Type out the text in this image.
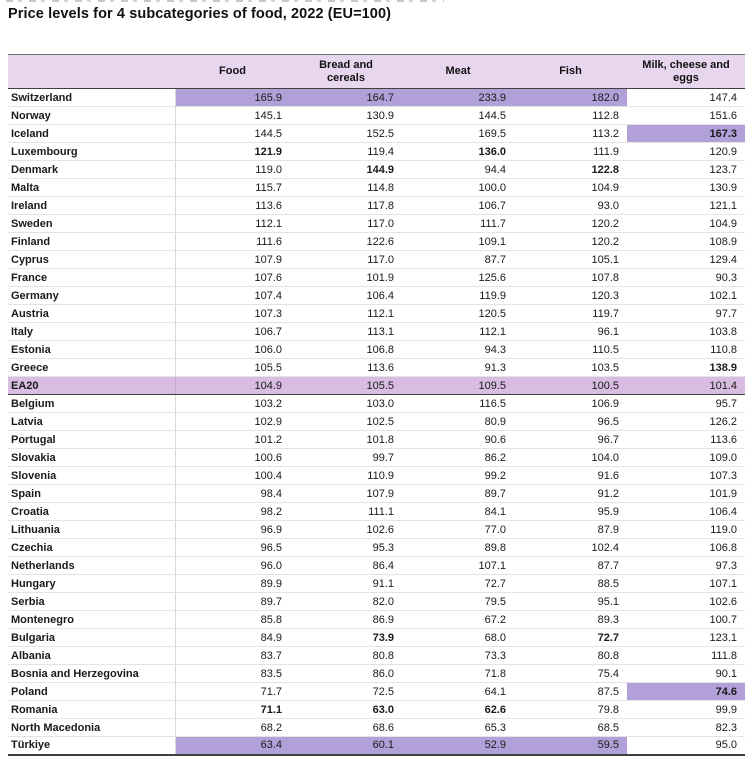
Price levels for 4 subcategories of food, 2022 (EU=100)
	Food	Bread and cereals	Meat	Fish	Milk, cheese and eggs
Switzerland	165.9	164.7	233.9	182.0	147.4
Norway	145.1	130.9	144.5	112.8	151.6
Iceland	144.5	152.5	169.5	113.2	167.3
Luxembourg	121.9	119.4	136.0	111.9	120.9
Denmark	119.0	144.9	94.4	122.8	123.7
Malta	115.7	114.8	100.0	104.9	130.9
Ireland	113.6	117.8	106.7	93.0	121.1
Sweden	112.1	117.0	111.7	120.2	104.9
Finland	111.6	122.6	109.1	120.2	108.9
Cyprus	107.9	117.0	87.7	105.1	129.4
France	107.6	101.9	125.6	107.8	90.3
Germany	107.4	106.4	119.9	120.3	102.1
Austria	107.3	112.1	120.5	119.7	97.7
Italy	106.7	113.1	112.1	96.1	103.8
Estonia	106.0	106.8	94.3	110.5	110.8
Greece	105.5	113.6	91.3	103.5	138.9
EA20	104.9	105.5	109.5	100.5	101.4
Belgium	103.2	103.0	116.5	106.9	95.7
Latvia	102.9	102.5	80.9	96.5	126.2
Portugal	101.2	101.8	90.6	96.7	113.6
Slovakia	100.6	99.7	86.2	104.0	109.0
Slovenia	100.4	110.9	99.2	91.6	107.3
Spain	98.4	107.9	89.7	91.2	101.9
Croatia	98.2	111.1	84.1	95.9	106.4
Lithuania	96.9	102.6	77.0	87.9	119.0
Czechia	96.5	95.3	89.8	102.4	106.8
Netherlands	96.0	86.4	107.1	87.7	97.3
Hungary	89.9	91.1	72.7	88.5	107.1
Serbia	89.7	82.0	79.5	95.1	102.6
Montenegro	85.8	86.9	67.2	89.3	100.7
Bulgaria	84.9	73.9	68.0	72.7	123.1
Albania	83.7	80.8	73.3	80.8	111.8
Bosnia and Herzegovina	83.5	86.0	71.8	75.4	90.1
Poland	71.7	72.5	64.1	87.5	74.6
Romania	71.1	63.0	62.6	79.8	99.9
North Macedonia	68.2	68.6	65.3	68.5	82.3
Türkiye	63.4	60.1	52.9	59.5	95.0
